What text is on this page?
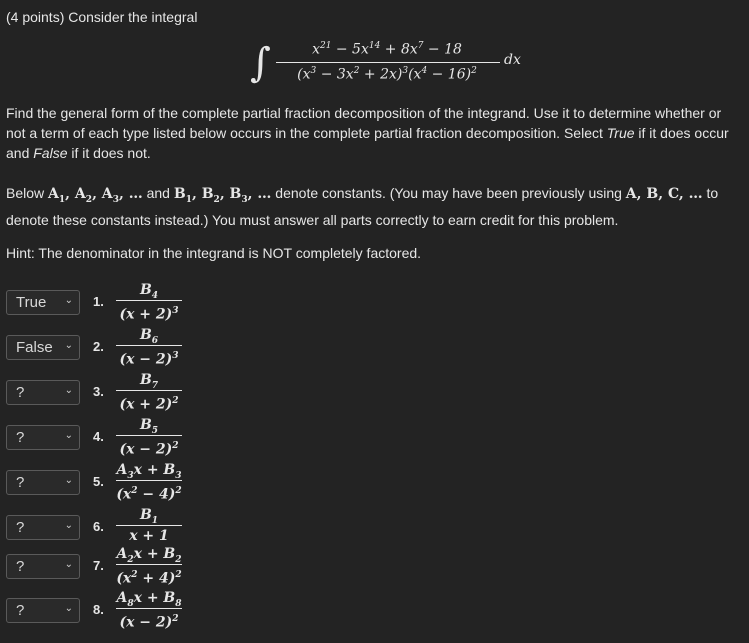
(4 points) Consider the integral
∫	$x^{21} - 5x^{14} + 8x^7 - 18$
$(x^3 - 3x^2 + 2x)^3(x^4 - 16)^2$
dx
Find the general form of the complete partial fraction decomposition of the integrand. Use it to determine whether or not a term of each type listed below occurs in the complete partial fraction decomposition. Select True if it does occur and False if it does not.
Below $A_1$, $A_2$, $A_3$, … and $B_1$, $B_2$, $B_3$, … denote constants. (You may have been previously using A, B, C, … to denote these constants instead.) You must answer all parts correctly to earn credit for this problem.
Hint: The denominator in the integrand is NOT completely factored.
True ⌄ 1.
$B_4$
$(x + 2)^3$
False ⌄ 2.
$B_6$
$(x - 2)^3$
?	⌄ 3.
$B_7$
$(x + 2)^2$
?	⌄ 4.
$B_5$
$(x - 2)^2$
?	⌄ 5.
$A_3x + B_3$
$(x^2 - 4)^2$
?	⌄ 6.
$B_1$
x + 1
?	⌄ 7.
$A_2x + B_2$
$(x^2 + 4)^2$
?	⌄ 8.
$A_8x + B_8$
$(x - 2)^2$
